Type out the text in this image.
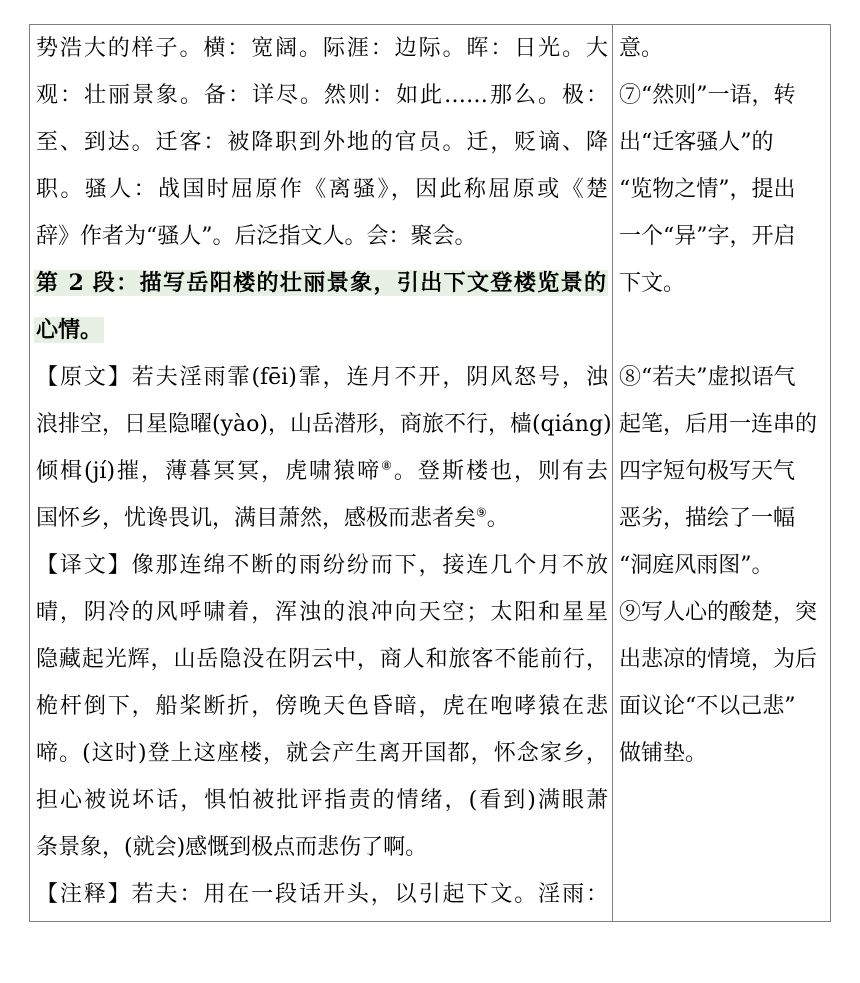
势浩大的样子。横：宽阔。际涯：边际。晖：日光。大
观：壮丽景象。备：详尽。然则：如此……那么。极：
至、到达。迁客：被降职到外地的官员。迁，贬谪、降
职。骚人：战国时屈原作《离骚》，因此称屈原或《楚
辞》作者为“骚人”。后泛指文人。会：聚会。
第 2 段：描写岳阳楼的壮丽景象，引出下文登楼览景的
心情。
【原文】若夫淫雨霏(fēi)霏，连月不开，阴风怒号，浊
浪排空，日星隐曜(yào)，山岳潜形，商旅不行，樯(qiáng)
倾楫(jí)摧，薄暮冥冥，虎啸猿啼⑧。登斯楼也，则有去
国怀乡，忧谗畏讥，满目萧然，感极而悲者矣⑨。
【译文】像那连绵不断的雨纷纷而下，接连几个月不放
晴，阴冷的风呼啸着，浑浊的浪冲向天空；太阳和星星
隐藏起光辉，山岳隐没在阴云中，商人和旅客不能前行，
桅杆倒下，船桨断折，傍晚天色昏暗，虎在咆哮猿在悲
啼。(这时)登上这座楼，就会产生离开国都，怀念家乡，
担心被说坏话，惧怕被批评指责的情绪，(看到)满眼萧
条景象，(就会)感慨到极点而悲伤了啊。
【注释】若夫：用在一段话开头，以引起下文。淫雨：
意。
⑦“然则”一语，转
出“迁客骚人”的
“览物之情”，提出
一个“异”字，开启
下文。
⑧“若夫”虚拟语气
起笔，后用一连串的
四字短句极写天气
恶劣，描绘了一幅
“洞庭风雨图”。
⑨写人心的酸楚，突
出悲凉的情境，为后
面议论“不以己悲”
做铺垫。
